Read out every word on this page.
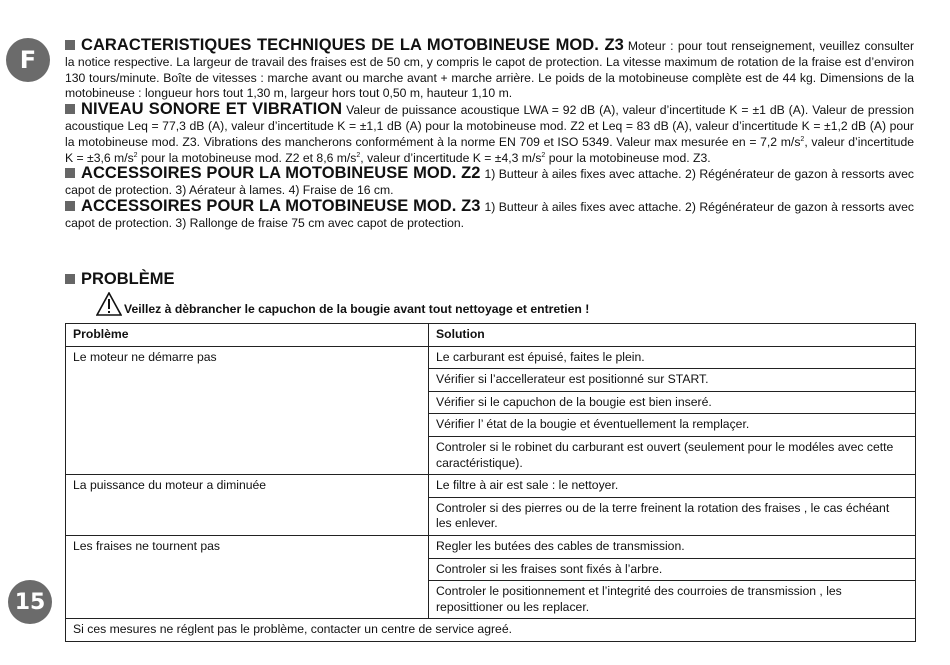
F
15

CARACTERISTIQUES TECHNIQUES DE LA MOTOBINEUSE MOD. Z3 Moteur : pour tout renseignement, veuillez consulter la notice respective. La largeur de travail des fraises est de 50 cm, y compris le capot de protection. La vitesse maximum de rotation de la fraise est d’environ 130 tours/minute. Boîte de vitesses : marche avant ou marche avant + marche arrière. Le poids de la motobineuse complète est de 44 kg. Dimensions de la motobineuse : longueur hors tout 1,30 m, largeur hors tout 0,50 m, hauteur 1,10 m.

NIVEAU SONORE ET VIBRATION Valeur de puissance acoustique LWA = 92 dB (A), valeur d’incertitude K = ±1 dB (A). Valeur de pression acoustique Leq = 77,3 dB (A), valeur d’incertitude K = ±1,1 dB (A) pour la motobineuse mod. Z2 et Leq = 83 dB (A), valeur d’incertitude K = ±1,2 dB (A) pour la motobineuse mod. Z3. Vibrations des mancherons conformément à la norme EN 709 et ISO 5349. Valeur max mesurée en = 7,2 $m/s^2$, valeur d’incertitude K = ±3,6 $m/s^2$ pour la motobineuse mod. Z2 et 8,6 $m/s^2$, valeur d’incertitude K = ±4,3 $m/s^2$ pour la motobineuse mod. Z3.

ACCESSOIRES POUR LA MOTOBINEUSE MOD. Z2 1) Butteur à ailes fixes avec attache. 2) Régénérateur de gazon à ressorts avec capot de protection. 3) Aérateur à lames. 4) Fraise de 16 cm.

ACCESSOIRES POUR LA MOTOBINEUSE MOD. Z3 1) Butteur à ailes fixes avec attache. 2) Régénérateur de gazon à ressorts avec capot de protection. 3) Rallonge de fraise 75 cm avec capot de protection.

PROBLÈME
Veillez à dèbrancher le capuchon de la bougie avant tout nettoyage et entretien !
Problème	Solution
Le moteur ne démarre pas	Le carburant est épuisé, faites le plein.
	Vérifier si l’accellerateur est positionné sur START.
	Vérifier si le capuchon de la bougie est bien inseré.
	Vérifier l’ état de la bougie et éventuellement la remplaçer.
	Controler si le robinet du carburant est ouvert (seulement pour le modéles avec cette caractéristique).
La puissance du moteur a diminuée	Le filtre à air est sale : le nettoyer.
	Controler si des pierres ou de la terre freinent la rotation des fraises , le cas échéant les enlever.
Les fraises ne tournent pas	Regler les butées des cables de transmission.
	Controler si les fraises sont fixés à l’arbre.
	Controler le positionnement et l’integrité des courroies de transmission , les reposittioner ou les replacer.
Si ces mesures ne réglent pas le problème, contacter un centre de service agreé.	
